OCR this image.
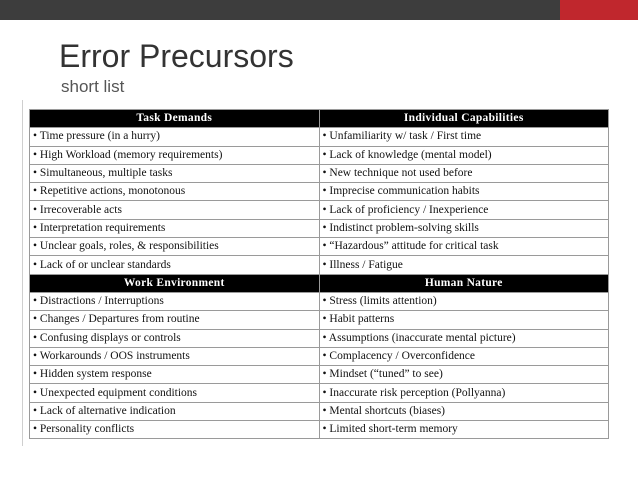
Error Precursors
short list
Task Demands	Individual Capabilities
• Time pressure (in a hurry)	• Unfamiliarity w/ task / First time
• High Workload (memory requirements)	• Lack of knowledge (mental model)
• Simultaneous, multiple tasks	• New technique not used before
• Repetitive actions, monotonous	• Imprecise communication habits
• Irrecoverable acts	• Lack of proficiency / Inexperience
• Interpretation requirements	• Indistinct problem-solving skills
• Unclear goals, roles, & responsibilities	• “Hazardous” attitude for critical task
• Lack of or unclear standards	• Illness / Fatigue
Work Environment	Human Nature
• Distractions / Interruptions	• Stress (limits attention)
• Changes / Departures from routine	• Habit patterns
• Confusing displays or controls	• Assumptions (inaccurate mental picture)
• Workarounds / OOS instruments	• Complacency / Overconfidence
• Hidden system response	• Mindset (“tuned” to see)
• Unexpected equipment conditions	• Inaccurate risk perception (Pollyanna)
• Lack of alternative indication	• Mental shortcuts (biases)
• Personality conflicts	• Limited short-term memory
